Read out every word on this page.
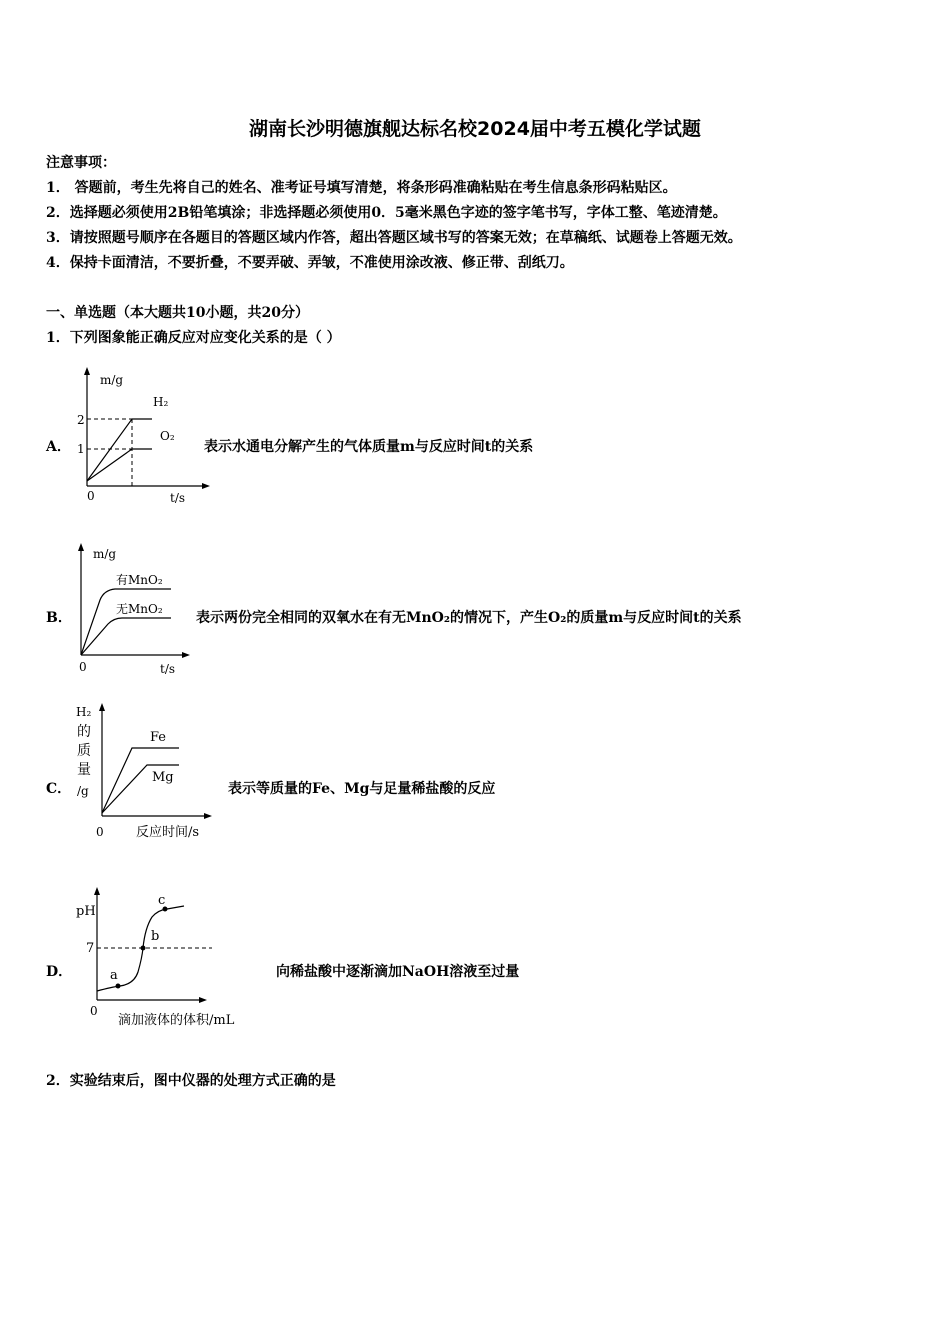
湖南长沙明德旗舰达标名校2024届中考五模化学试题
注意事项：
1． 答题前，考生先将自己的姓名、准考证号填写清楚，将条形码准确粘贴在考生信息条形码粘贴区。
2．选择题必须使用2B铅笔填涂；非选择题必须使用0．5毫米黑色字迹的签字笔书写，字体工整、笔迹清楚。
3．请按照题号顺序在各题目的答题区域内作答，超出答题区域书写的答案无效；在草稿纸、试题卷上答题无效。
4．保持卡面清洁，不要折叠，不要弄破、弄皱，不准使用涂改液、修正带、刮纸刀。
一、单选题（本大题共10小题，共20分）
1．下列图象能正确反应对应变化关系的是（ ）
A．	表示水通电分解产生的气体质量m与反应时间t的关系
m/g
t/s
0
2
1
H₂
O₂
B．	表示两份完全相同的双氧水在有无MnO₂的情况下，产生O₂的质量m与反应时间t的关系
m/g
t/s
0
有MnO₂
无MnO₂
C．	表示等质量的Fe、Mg与足量稀盐酸的反应
H₂
的
质
量
/g
反应时间/s
0
Fe
Mg
D．	向稀盐酸中逐渐滴加NaOH溶液至过量
pH
7
0
滴加液体的体积/mL
a
b
c
2．实验结束后，图中仪器的处理方式正确的是
